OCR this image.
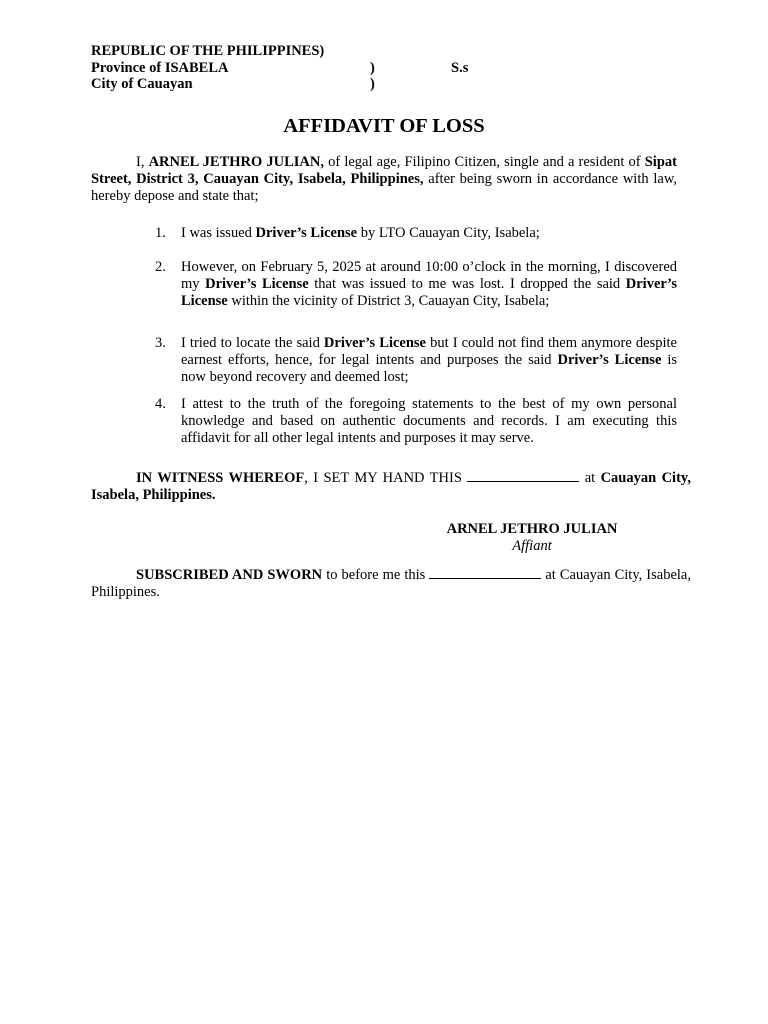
REPUBLIC OF THE PHILIPPINES)
Province of ISABELA	)	S.s
City of Cauayan	)
AFFIDAVIT OF LOSS
I, ARNEL JETHRO JULIAN, of legal age, Filipino Citizen, single and a resident of Sipat Street, District 3, Cauayan City, Isabela, Philippines, after being sworn in accordance with law, hereby depose and state that;
1.	I was issued Driver’s License by LTO Cauayan City, Isabela;
2.	However, on February 5, 2025 at around 10:00 o’clock in the morning, I discovered my Driver’s License that was issued to me was lost. I dropped the said Driver’s License within the vicinity of District 3, Cauayan City, Isabela;
3.	I tried to locate the said Driver’s License but I could not find them anymore despite earnest efforts, hence, for legal intents and purposes the said Driver’s License is now beyond recovery and deemed lost;
4.	I attest to the truth of the foregoing statements to the best of my own personal knowledge and based on authentic documents and records. I am executing this affidavit for all other legal intents and purposes it may serve.
IN WITNESS WHEREOF, I SET MY HAND THIS	at Cauayan City, Isabela, Philippines.
ARNEL JETHRO JULIAN
Affiant
SUBSCRIBED AND SWORN to before me this	at Cauayan City, Isabela, Philippines.
